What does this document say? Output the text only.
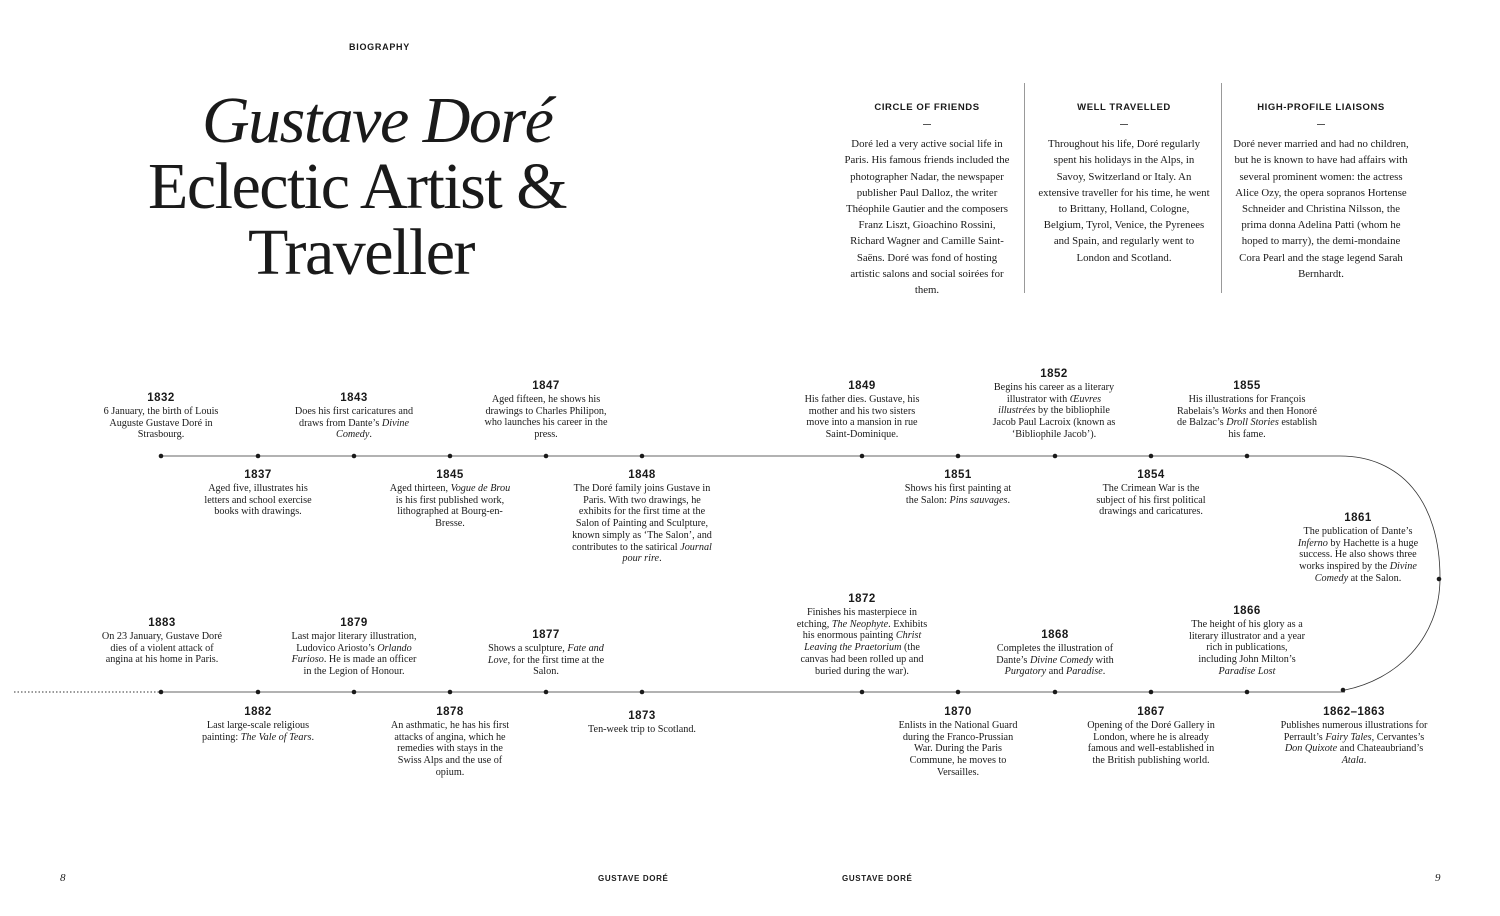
BIOGRAPHY
Gustave Doré
Eclectic Artist &
Traveller
CIRCLE OF FRIENDS
Doré led a very active social life in Paris. His famous friends included the photographer Nadar, the newspaper publisher Paul Dalloz, the writer Théophile Gautier and the composers Franz Liszt, Gioachino Rossini, Richard Wagner and Camille Saint-Saëns. Doré was fond of hosting artistic salons and social soirées for them.
WELL TRAVELLED
Throughout his life, Doré regularly spent his holidays in the Alps, in Savoy, Switzerland or Italy. An extensive traveller for his time, he went to Brittany, Holland, Cologne, Belgium, Tyrol, Venice, the Pyrenees and Spain, and regularly went to London and Scotland.
HIGH-PROFILE LIAISONS
Doré never married and had no children, but he is known to have had affairs with several prominent women: the actress Alice Ozy, the opera sopranos Hortense Schneider and Christina Nilsson, the prima donna Adelina Patti (whom he hoped to marry), the demi-mondaine Cora Pearl and the stage legend Sarah Bernhardt.
1832
6 January, the birth of Louis Auguste Gustave Doré in Strasbourg.
1843
Does his first caricatures and draws from Dante’s Divine Comedy.
1847
Aged fifteen, he shows his drawings to Charles Philipon, who launches his career in the press.
1849
His father dies. Gustave, his mother and his two sisters move into a mansion in rue Saint-Dominique.
1852
Begins his career as a literary illustrator with Œuvres illustrées by the bibliophile Jacob Paul Lacroix (known as ‘Bibliophile Jacob’).
1855
His illustrations for François Rabelais’s Works and then Honoré de Balzac’s Droll Stories establish his fame.
1837
Aged five, illustrates his letters and school exercise books with drawings.
1845
Aged thirteen, Vogue de Brou is his first published work, lithographed at Bourg-en-Bresse.
1848
The Doré family joins Gustave in Paris. With two drawings, he exhibits for the first time at the Salon of Painting and Sculpture, known simply as ‘The Salon’, and contributes to the satirical Journal pour rire.
1851
Shows his first painting at the Salon: Pins sauvages.
1854
The Crimean War is the subject of his first political drawings and caricatures.
1861
The publication of Dante’s Inferno by Hachette is a huge success. He also shows three works inspired by the Divine Comedy at the Salon.
1883
On 23 January, Gustave Doré dies of a violent attack of angina at his home in Paris.
1879
Last major literary illustration, Ludovico Ariosto’s Orlando Furioso. He is made an officer in the Legion of Honour.
1877
Shows a sculpture, Fate and Love, for the first time at the Salon.
1872
Finishes his masterpiece in etching, The Neophyte. Exhibits his enormous painting Christ Leaving the Praetorium (the canvas had been rolled up and buried during the war).
1868
Completes the illustration of Dante’s Divine Comedy with Purgatory and Paradise.
1866
The height of his glory as a literary illustrator and a year rich in publications, including John Milton’s Paradise Lost
1882
Last large-scale religious painting: The Vale of Tears.
1878
An asthmatic, he has his first attacks of angina, which he remedies with stays in the Swiss Alps and the use of opium.
1873
Ten-week trip to Scotland.
1870
Enlists in the National Guard during the Franco-Prussian War. During the Paris Commune, he moves to Versailles.
1867
Opening of the Doré Gallery in London, where he is already famous and well-established in the British publishing world.
1862–1863
Publishes numerous illustrations for Perrault’s Fairy Tales, Cervantes’s Don Quixote and Chateaubriand’s Atala.
8	GUSTAVE DORÉ	GUSTAVE DORÉ	9
